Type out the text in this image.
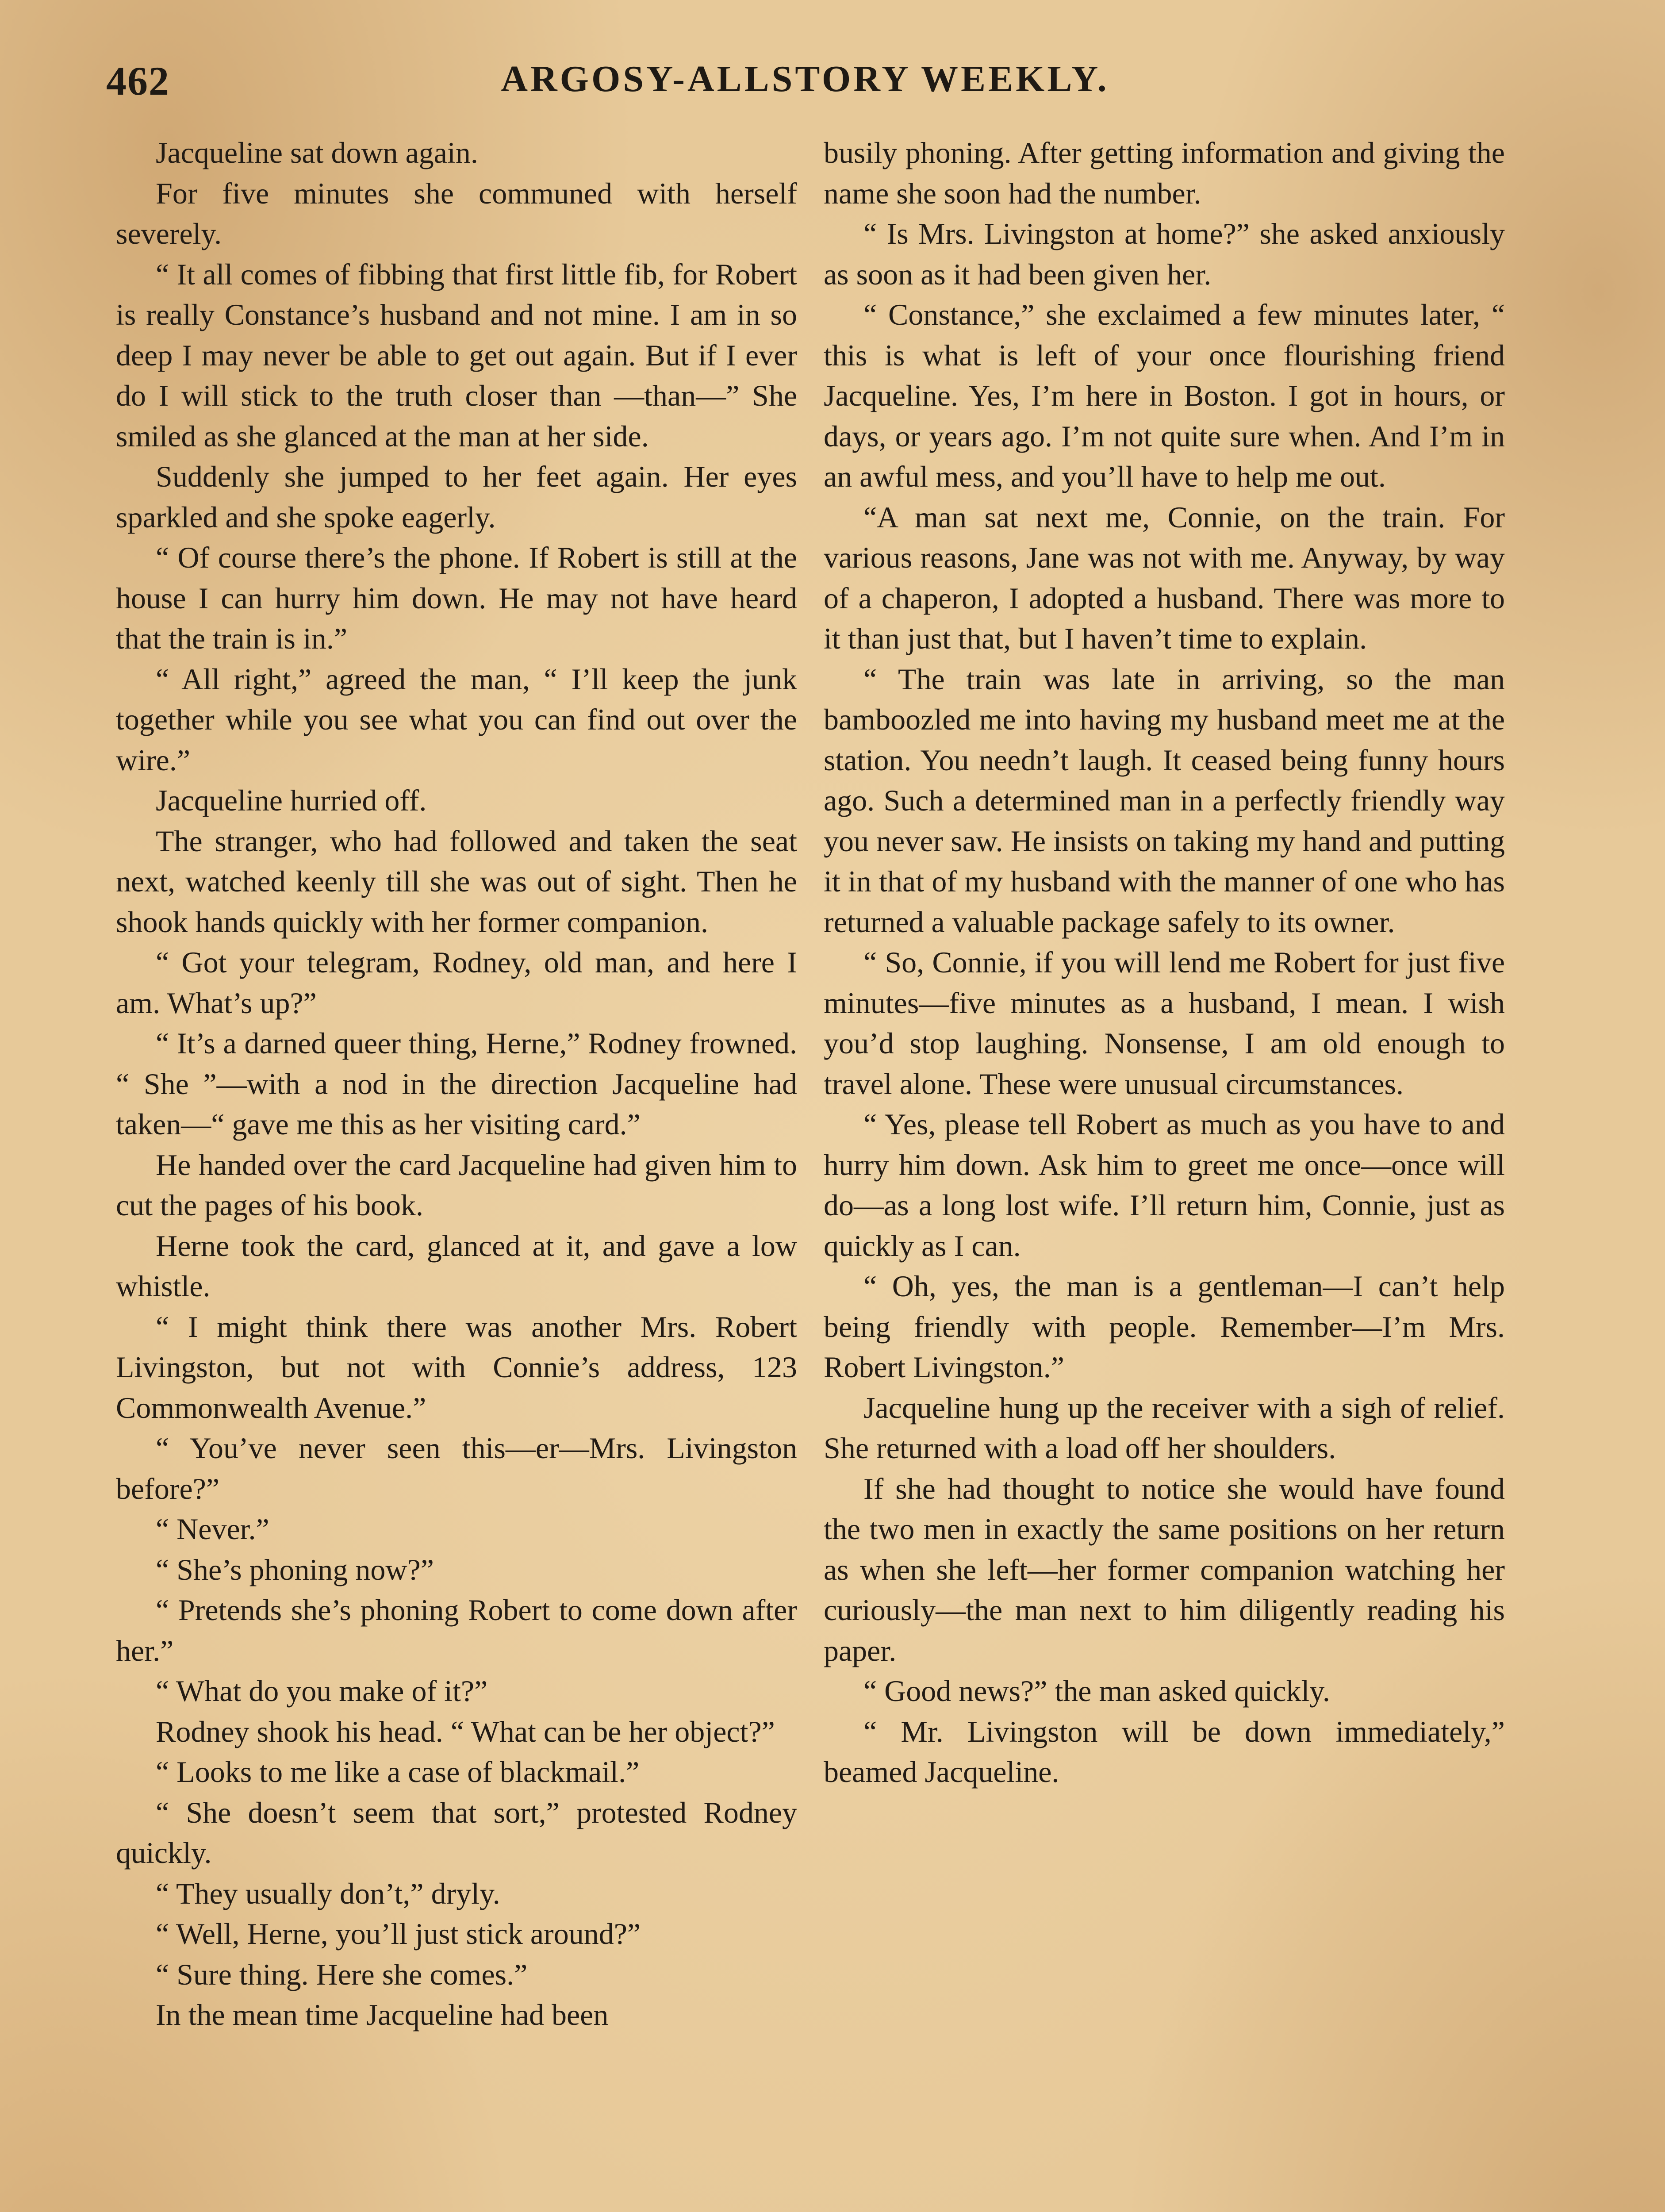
462	ARGOSY-ALLSTORY WEEKLY.

Jacqueline sat down again.

For five minutes she communed with herself severely.

“ It all comes of fibbing that first little fib, for Robert is really Constance’s husband and not mine. I am in so deep I may never be able to get out again. But if I ever do I will stick to the truth closer than —than—” She smiled as she glanced at the man at her side.

Suddenly she jumped to her feet again. Her eyes sparkled and she spoke eagerly.

“ Of course there’s the phone. If Robert is still at the house I can hurry him down. He may not have heard that the train is in.”

“ All right,” agreed the man, “ I’ll keep the junk together while you see what you can find out over the wire.”

Jacqueline hurried off.

The stranger, who had followed and taken the seat next, watched keenly till she was out of sight. Then he shook hands quickly with her former companion.

“ Got your telegram, Rodney, old man, and here I am. What’s up?”

“ It’s a darned queer thing, Herne,” Rodney frowned. “ She ”—with a nod in the direction Jacqueline had taken—“ gave me this as her visiting card.”

He handed over the card Jacqueline had given him to cut the pages of his book.

Herne took the card, glanced at it, and gave a low whistle.

“ I might think there was another Mrs. Robert Livingston, but not with Connie’s address, 123 Commonwealth Avenue.”

“ You’ve never seen this—er—Mrs. Livingston before?”

“ Never.”

“ She’s phoning now?”

“ Pretends she’s phoning Robert to come down after her.”

“ What do you make of it?”

Rodney shook his head. “ What can be her object?”

“ Looks to me like a case of blackmail.”

“ She doesn’t seem that sort,” protested Rodney quickly.

“ They usually don’t,” dryly.

“ Well, Herne, you’ll just stick around?”

“ Sure thing. Here she comes.”

In the mean time Jacqueline had been

busily phoning. After getting information and giving the name she soon had the number.

“ Is Mrs. Livingston at home?” she asked anxiously as soon as it had been given her.

“ Constance,” she exclaimed a few minutes later, “ this is what is left of your once flourishing friend Jacqueline. Yes, I’m here in Boston. I got in hours, or days, or years ago. I’m not quite sure when. And I’m in an awful mess, and you’ll have to help me out.

“A man sat next me, Connie, on the train. For various reasons, Jane was not with me. Anyway, by way of a chaperon, I adopted a husband. There was more to it than just that, but I haven’t time to explain.

“ The train was late in arriving, so the man bamboozled me into having my husband meet me at the station. You needn’t laugh. It ceased being funny hours ago. Such a determined man in a perfectly friendly way you never saw. He insists on taking my hand and putting it in that of my husband with the manner of one who has returned a valuable package safely to its owner.

“ So, Connie, if you will lend me Robert for just five minutes—five minutes as a husband, I mean. I wish you’d stop laughing. Nonsense, I am old enough to travel alone. These were unusual circumstances.

“ Yes, please tell Robert as much as you have to and hurry him down. Ask him to greet me once—once will do—as a long lost wife. I’ll return him, Connie, just as quickly as I can.

“ Oh, yes, the man is a gentleman—I can’t help being friendly with people. Remember—I’m Mrs. Robert Livingston.”

Jacqueline hung up the receiver with a sigh of relief. She returned with a load off her shoulders.

If she had thought to notice she would have found the two men in exactly the same positions on her return as when she left—her former companion watching her curiously—the man next to him diligently reading his paper.

“ Good news?” the man asked quickly.

“ Mr. Livingston will be down immediately,” beamed Jacqueline.
